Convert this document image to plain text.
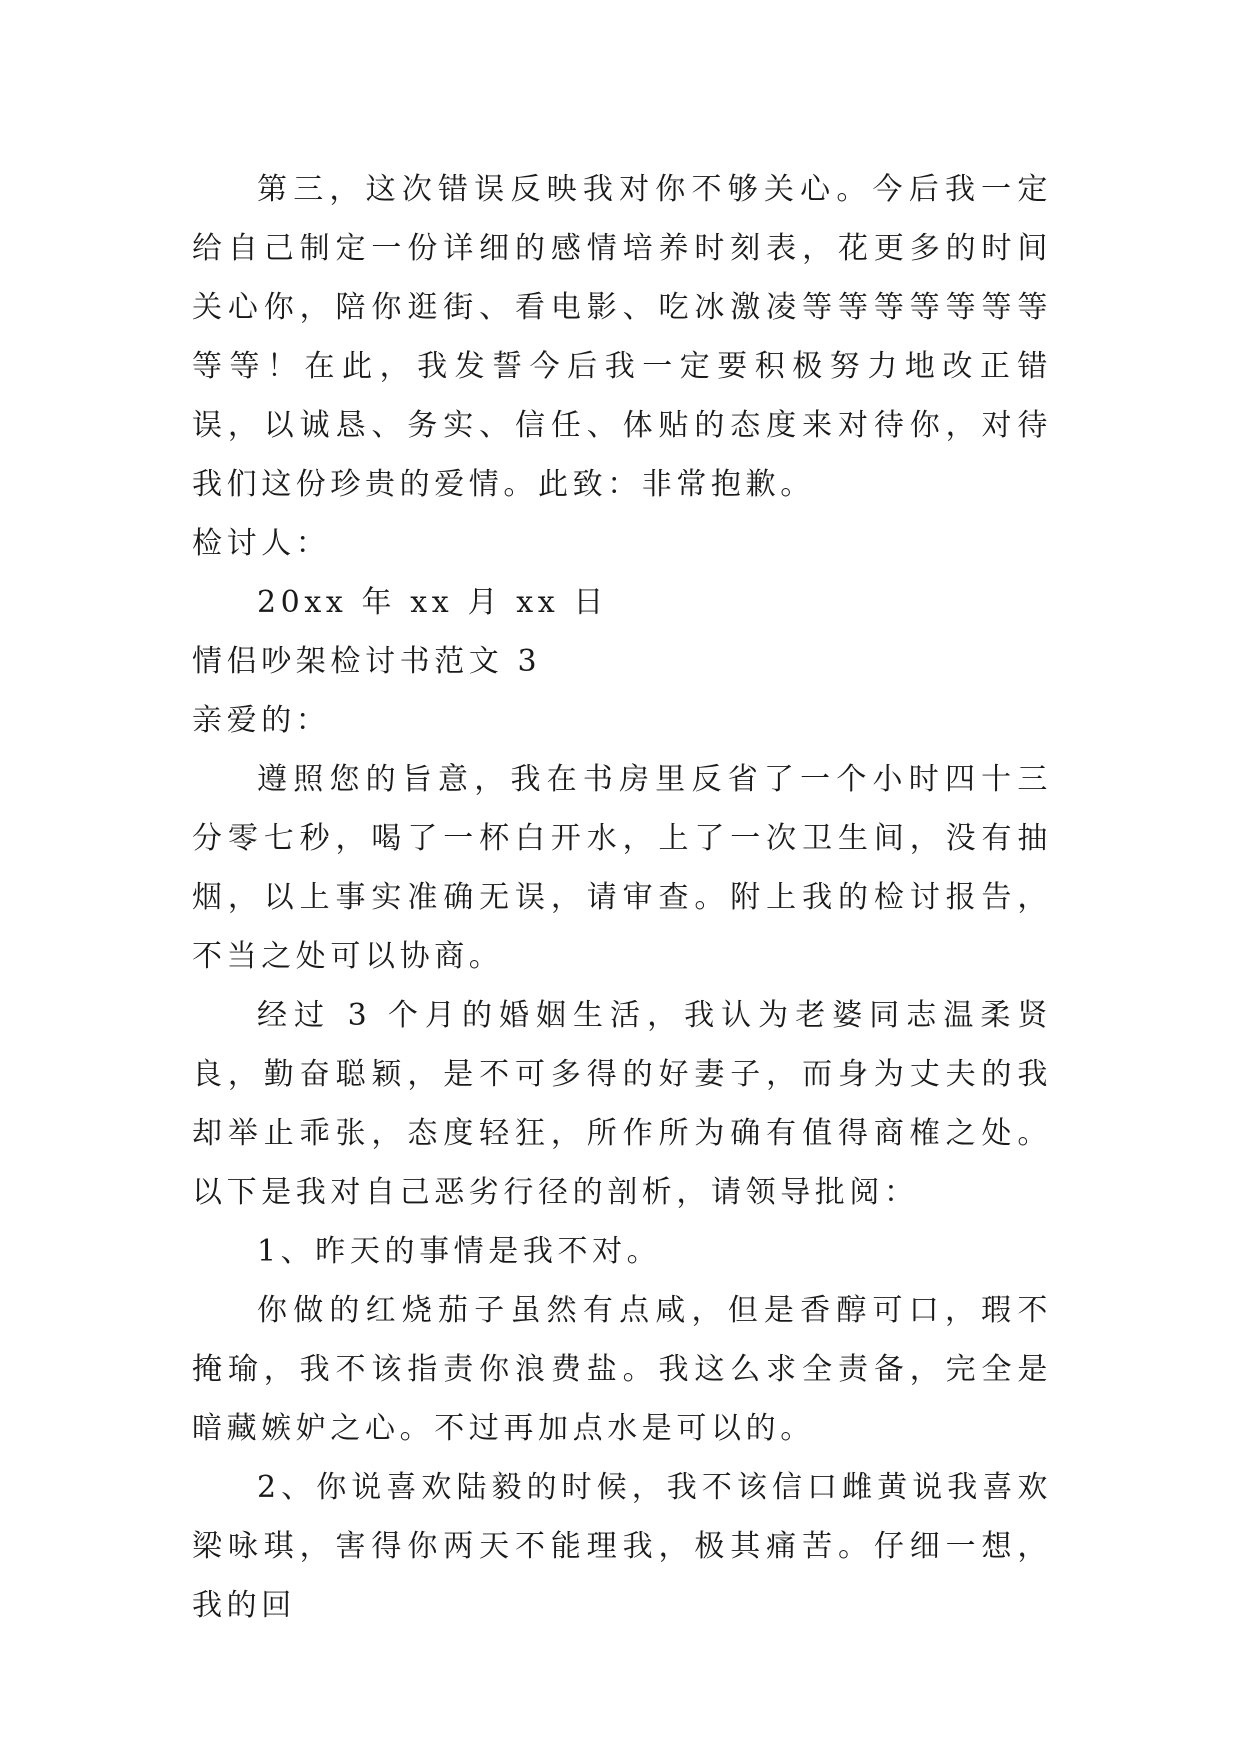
第三，这次错误反映我对你不够关心。今后我一定给自己制定一份详细的感情培养时刻表，花更多的时间关心你，陪你逛街、看电影、吃冰激凌等等等等等等等等等！在此，我发誓今后我一定要积极努力地改正错误，以诚恳、务实、信任、体贴的态度来对待你，对待我们这份珍贵的爱情。此致：非常抱歉。

检讨人：

20xx 年 xx 月 xx 日

情侣吵架检讨书范文 3

亲爱的：

遵照您的旨意，我在书房里反省了一个小时四十三分零七秒，喝了一杯白开水，上了一次卫生间，没有抽烟，以上事实准确无误，请审查。附上我的检讨报告，不当之处可以协商。

经过 3 个月的婚姻生活，我认为老婆同志温柔贤良，勤奋聪颖，是不可多得的好妻子，而身为丈夫的我却举止乖张，态度轻狂，所作所为确有值得商榷之处。以下是我对自己恶劣行径的剖析，请领导批阅：

1、昨天的事情是我不对。

你做的红烧茄子虽然有点咸，但是香醇可口，瑕不掩瑜，我不该指责你浪费盐。我这么求全责备，完全是暗藏嫉妒之心。不过再加点水是可以的。

2、你说喜欢陆毅的时候，我不该信口雌黄说我喜欢梁咏琪，害得你两天不能理我，极其痛苦。仔细一想，我的回
